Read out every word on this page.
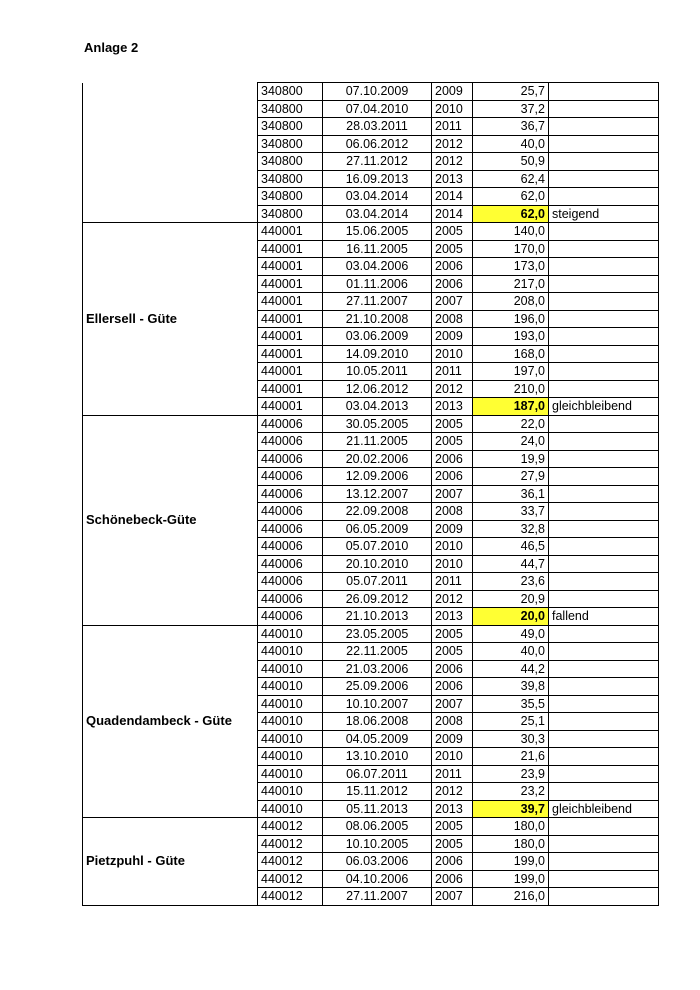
Anlage 2
	340800	07.10.2009	2009	25,7	
	340800	07.04.2010	2010	37,2	
	340800	28.03.2011	2011	36,7	
	340800	06.06.2012	2012	40,0	
	340800	27.11.2012	2012	50,9	
	340800	16.09.2013	2013	62,4	
	340800	03.04.2014	2014	62,0	
	340800	03.04.2014	2014	62,0	steigend
Ellersell - Güte	440001	15.06.2005	2005	140,0	
	440001	16.11.2005	2005	170,0	
	440001	03.04.2006	2006	173,0	
	440001	01.11.2006	2006	217,0	
	440001	27.11.2007	2007	208,0	
	440001	21.10.2008	2008	196,0	
	440001	03.06.2009	2009	193,0	
	440001	14.09.2010	2010	168,0	
	440001	10.05.2011	2011	197,0	
	440001	12.06.2012	2012	210,0	
	440001	03.04.2013	2013	187,0	gleichbleibend
Schönebeck-Güte	440006	30.05.2005	2005	22,0	
	440006	21.11.2005	2005	24,0	
	440006	20.02.2006	2006	19,9	
	440006	12.09.2006	2006	27,9	
	440006	13.12.2007	2007	36,1	
	440006	22.09.2008	2008	33,7	
	440006	06.05.2009	2009	32,8	
	440006	05.07.2010	2010	46,5	
	440006	20.10.2010	2010	44,7	
	440006	05.07.2011	2011	23,6	
	440006	26.09.2012	2012	20,9	
	440006	21.10.2013	2013	20,0	fallend
Quadendambeck - Güte	440010	23.05.2005	2005	49,0	
	440010	22.11.2005	2005	40,0	
	440010	21.03.2006	2006	44,2	
	440010	25.09.2006	2006	39,8	
	440010	10.10.2007	2007	35,5	
	440010	18.06.2008	2008	25,1	
	440010	04.05.2009	2009	30,3	
	440010	13.10.2010	2010	21,6	
	440010	06.07.2011	2011	23,9	
	440010	15.11.2012	2012	23,2	
	440010	05.11.2013	2013	39,7	gleichbleibend
Pietzpuhl - Güte	440012	08.06.2005	2005	180,0	
	440012	10.10.2005	2005	180,0	
	440012	06.03.2006	2006	199,0	
	440012	04.10.2006	2006	199,0	
	440012	27.11.2007	2007	216,0	
